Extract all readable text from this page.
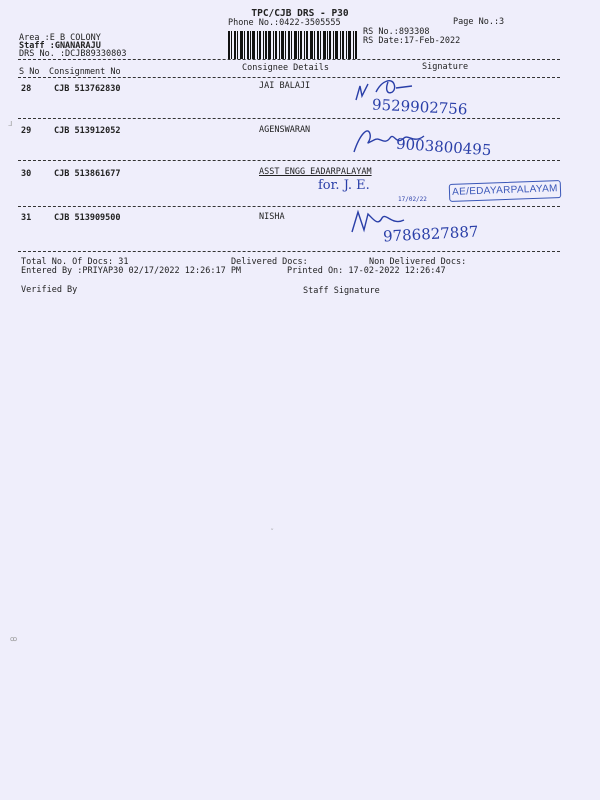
TPC/CJB DRS - P30
Phone No.:0422-3505555
Area :E B COLONY
Staff :GNANARAJU
DRS No. :DCJB89330803
RS No.:893308
RS Date:17-Feb-2022
Page No.:3
S No Consignment No	Consignee Details	Signature
28	CJB 513762830	JAI BALAJI
9529902756
ᒧ
29	CJB 513912052	AGENSWARAN
9003800495
30	CJB 513861677	ASST ENGG EADARPALAYAM
for. J. E.
17/02/22
AE/EDAYARPALAYAM
31	CJB 513909500	NISHA
9786827887
Total No. Of Docs: 31	Delivered Docs:	Non Delivered Docs:
Entered By :PRIYAP30 02/17/2022 12:26:17 PM	Printed On: 17-02-2022 12:26:47
Verified By	Staff Signature
˘
ꝏ
